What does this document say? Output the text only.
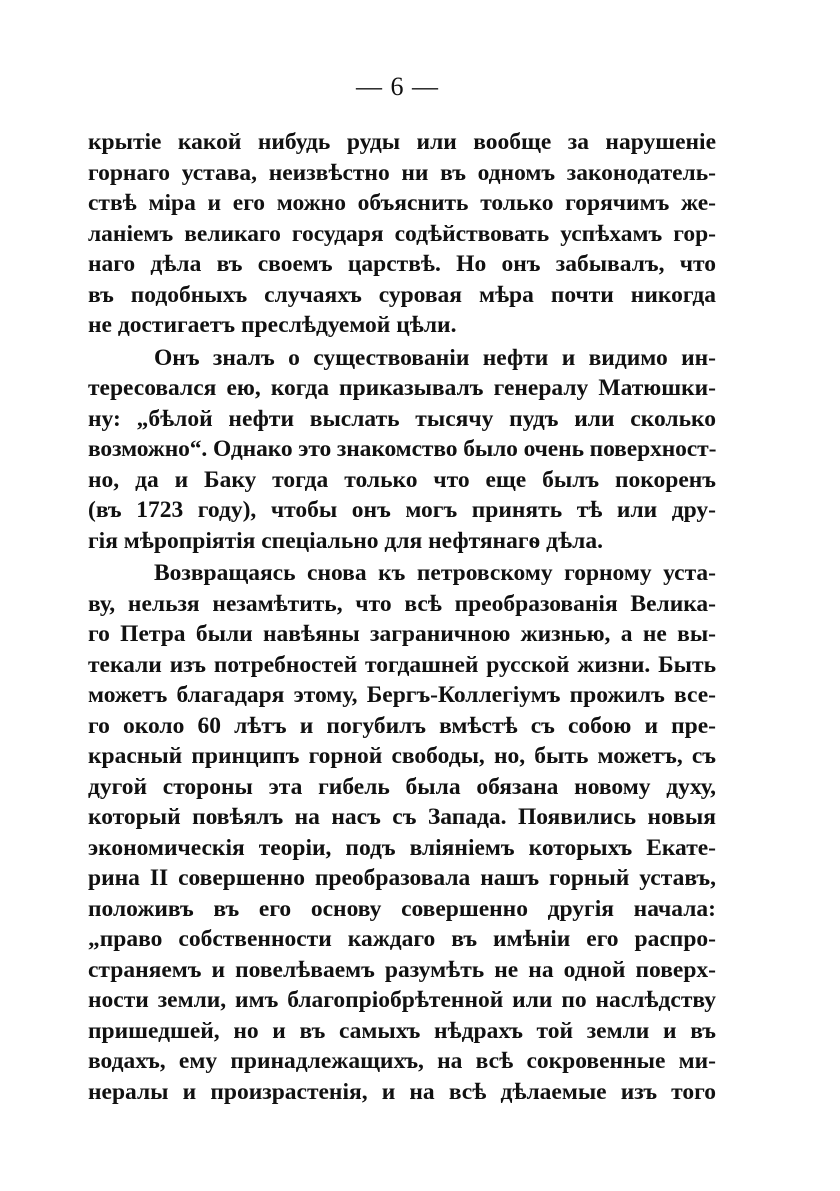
— 6 —
крытіе какой нибудь руды или вообще за нарушеніе
горнаго устава, неизвѣстно ни въ одномъ законодатель-
ствѣ міра и его можно объяснить только горячимъ же-
ланіемъ великаго государя содѣйствовать успѣхамъ гор-
наго дѣла въ своемъ царствѣ. Но онъ забывалъ, что
въ подобныхъ случаяхъ суровая мѣра почти никогда
не достигаетъ преслѣдуемой цѣли.
Онъ зналъ о существованіи нефти и видимо ин-
тересовался ею, когда приказывалъ генералу Матюшки-
ну: „бѣлой нефти выслать тысячу пудъ или сколько
возможно“. Однако это знакомство было очень поверхност-
но, да и Баку тогда только что еще былъ покоренъ
(въ 1723 году), чтобы онъ могъ принять тѣ или дру-
гія мѣропріятія спеціально для нефтянагѳ дѣла.
Возвращаясь снова къ петровскому горному уста-
ву, нельзя незамѣтить, что всѣ преобразованія Велика-
го Петра были навѣяны заграничною жизнью, а не вы-
текали изъ потребностей тогдашней русской жизни. Быть
можетъ благадаря этому, Бергъ-Коллегіумъ прожилъ все-
го около 60 лѣтъ и погубилъ вмѣстѣ съ собою и пре-
красный принципъ горной свободы, но, быть можетъ, съ
дугой стороны эта гибель была обязана новому духу,
который повѣялъ на насъ съ Запада. Появились новыя
экономическія теоріи, подъ вліяніемъ которыхъ Екате-
рина II совершенно преобразовала нашъ горный уставъ,
положивъ въ его основу совершенно другія начала:
„право собственности каждаго въ имѣніи его распро-
страняемъ и повелѣваемъ разумѣть не на одной поверх-
ности земли, имъ благопріобрѣтенной или по наслѣдству
пришедшей, но и въ самыхъ нѣдрахъ той земли и въ
водахъ, ему принадлежащихъ, на всѣ сокровенные ми-
нералы и произрастенія, и на всѣ дѣлаемые изъ того
